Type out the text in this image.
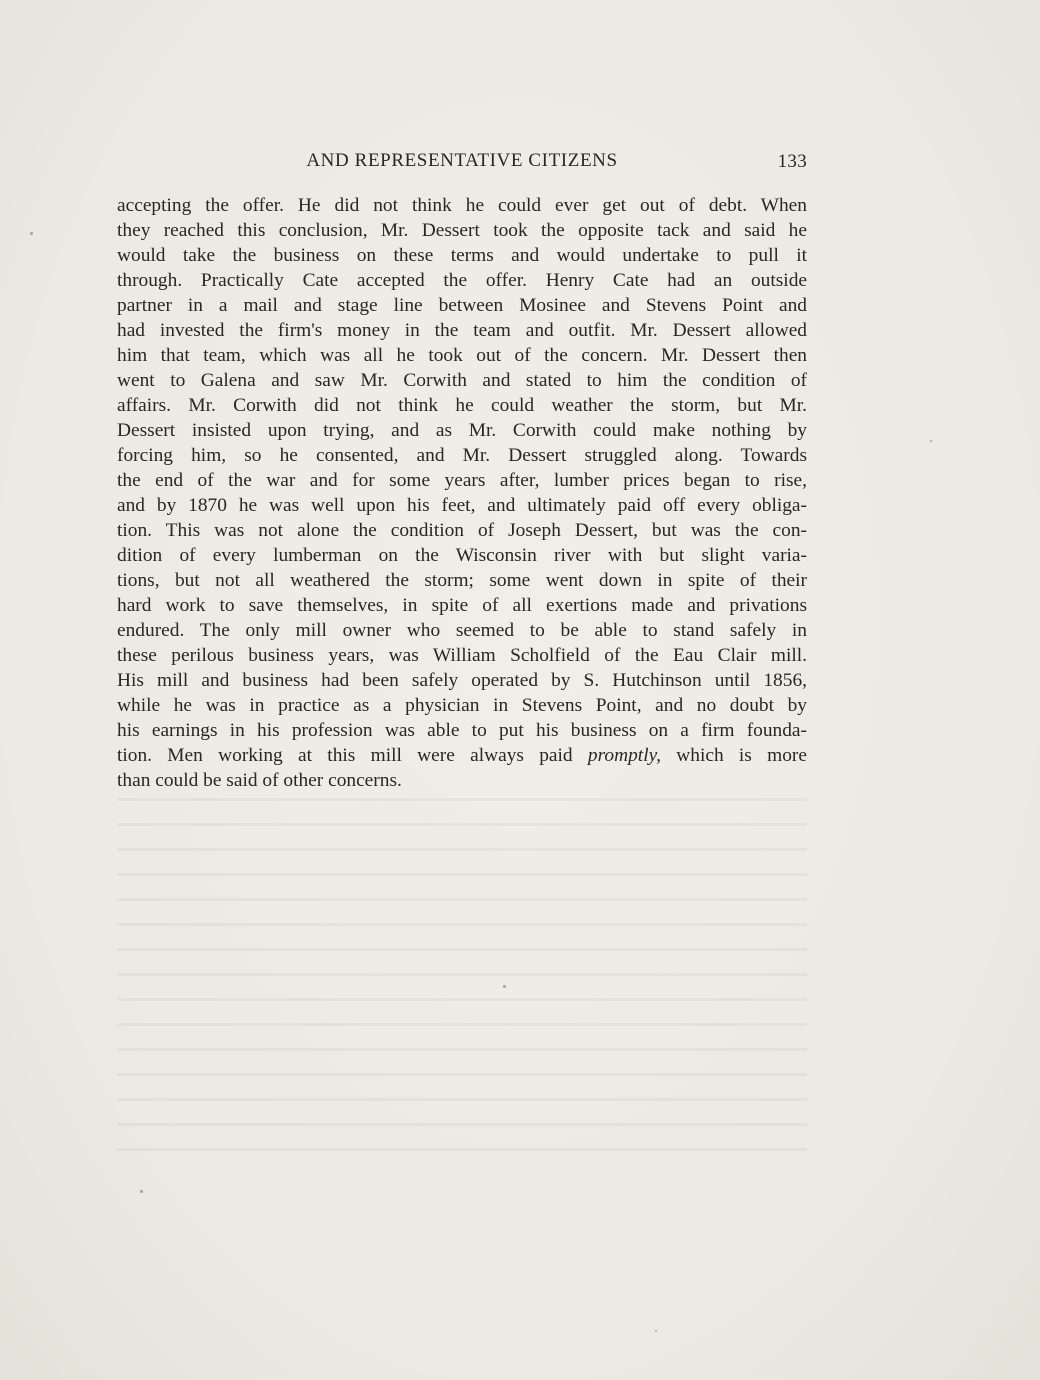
AND REPRESENTATIVE CITIZENS	133
accepting the offer. He did not think he could ever get out of debt. When
they reached this conclusion, Mr. Dessert took the opposite tack and said he
would take the business on these terms and would undertake to pull it
through. Practically Cate accepted the offer. Henry Cate had an outside
partner in a mail and stage line between Mosinee and Stevens Point and
had invested the firm's money in the team and outfit. Mr. Dessert allowed
him that team, which was all he took out of the concern. Mr. Dessert then
went to Galena and saw Mr. Corwith and stated to him the condition of
affairs. Mr. Corwith did not think he could weather the storm, but Mr.
Dessert insisted upon trying, and as Mr. Corwith could make nothing by
forcing him, so he consented, and Mr. Dessert struggled along. Towards
the end of the war and for some years after, lumber prices began to rise,
and by 1870 he was well upon his feet, and ultimately paid off every obliga-
tion. This was not alone the condition of Joseph Dessert, but was the con-
dition of every lumberman on the Wisconsin river with but slight varia-
tions, but not all weathered the storm; some went down in spite of their
hard work to save themselves, in spite of all exertions made and privations
endured. The only mill owner who seemed to be able to stand safely in
these perilous business years, was William Scholfield of the Eau Clair mill.
His mill and business had been safely operated by S. Hutchinson until 1856,
while he was in practice as a physician in Stevens Point, and no doubt by
his earnings in his profession was able to put his business on a firm founda-
tion. Men working at this mill were always paid promptly, which is more
than could be said of other concerns.
